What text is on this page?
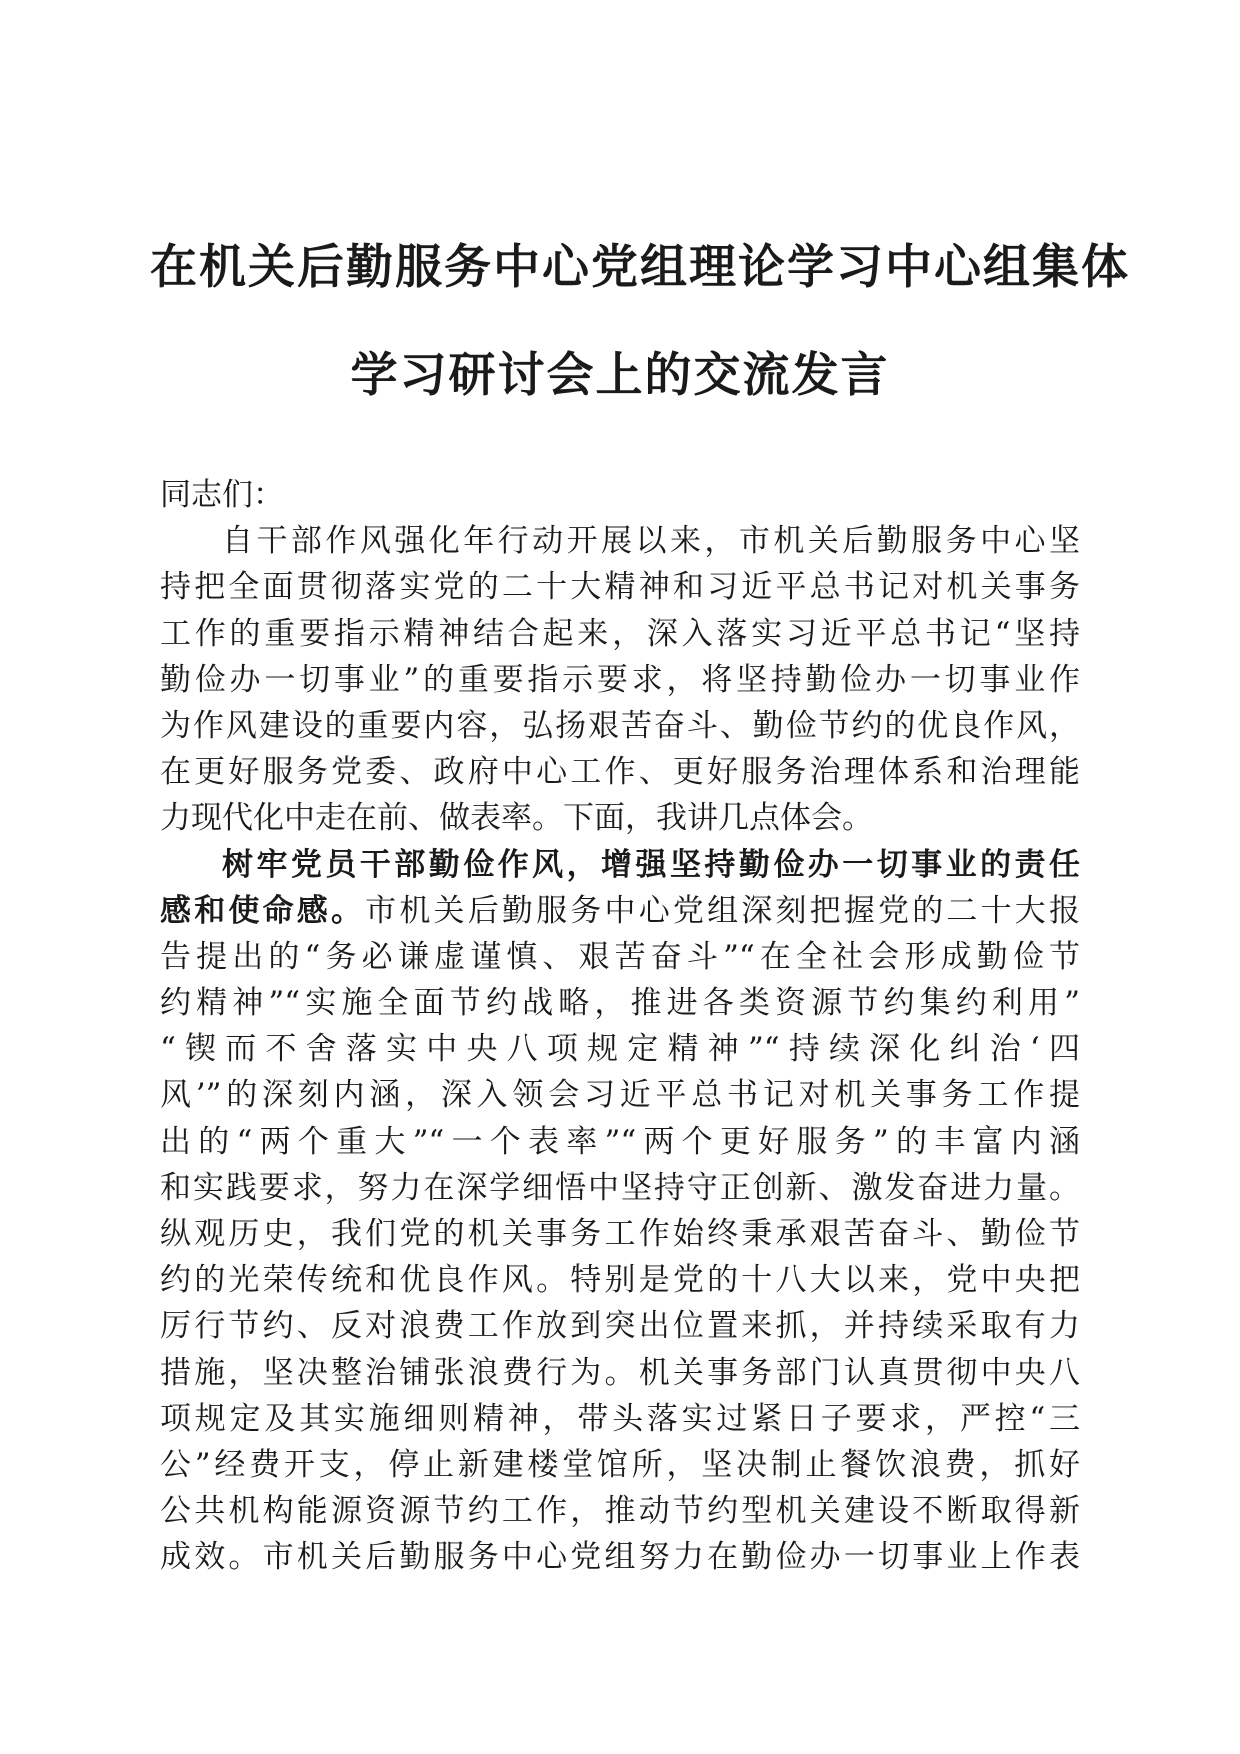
在机关后勤服务中心党组理论学习中心组集体
学习研讨会上的交流发言
同志们：
自干部作风强化年行动开展以来，市机关后勤服务中心坚
持把全面贯彻落实党的二十大精神和习近平总书记对机关事务
工作的重要指示精神结合起来，深入落实习近平总书记“坚持
勤俭办一切事业”的重要指示要求，将坚持勤俭办一切事业作
为作风建设的重要内容，弘扬艰苦奋斗、勤俭节约的优良作风，
在更好服务党委、政府中心工作、更好服务治理体系和治理能
力现代化中走在前、做表率。下面，我讲几点体会。
树牢党员干部勤俭作风，增强坚持勤俭办一切事业的责任
感和使命感。市机关后勤服务中心党组深刻把握党的二十大报
告提出的“务必谦虚谨慎、艰苦奋斗”“在全社会形成勤俭节
约精神”“实施全面节约战略，推进各类资源节约集约利用”
“锲而不舍落实中央八项规定精神”“持续深化纠治‘四
风’”的深刻内涵，深入领会习近平总书记对机关事务工作提
出的“两个重大”“一个表率”“两个更好服务”的丰富内涵
和实践要求，努力在深学细悟中坚持守正创新、激发奋进力量。
纵观历史，我们党的机关事务工作始终秉承艰苦奋斗、勤俭节
约的光荣传统和优良作风。特别是党的十八大以来，党中央把
厉行节约、反对浪费工作放到突出位置来抓，并持续采取有力
措施，坚决整治铺张浪费行为。机关事务部门认真贯彻中央八
项规定及其实施细则精神，带头落实过紧日子要求，严控“三
公”经费开支，停止新建楼堂馆所，坚决制止餐饮浪费，抓好
公共机构能源资源节约工作，推动节约型机关建设不断取得新
成效。市机关后勤服务中心党组努力在勤俭办一切事业上作表
